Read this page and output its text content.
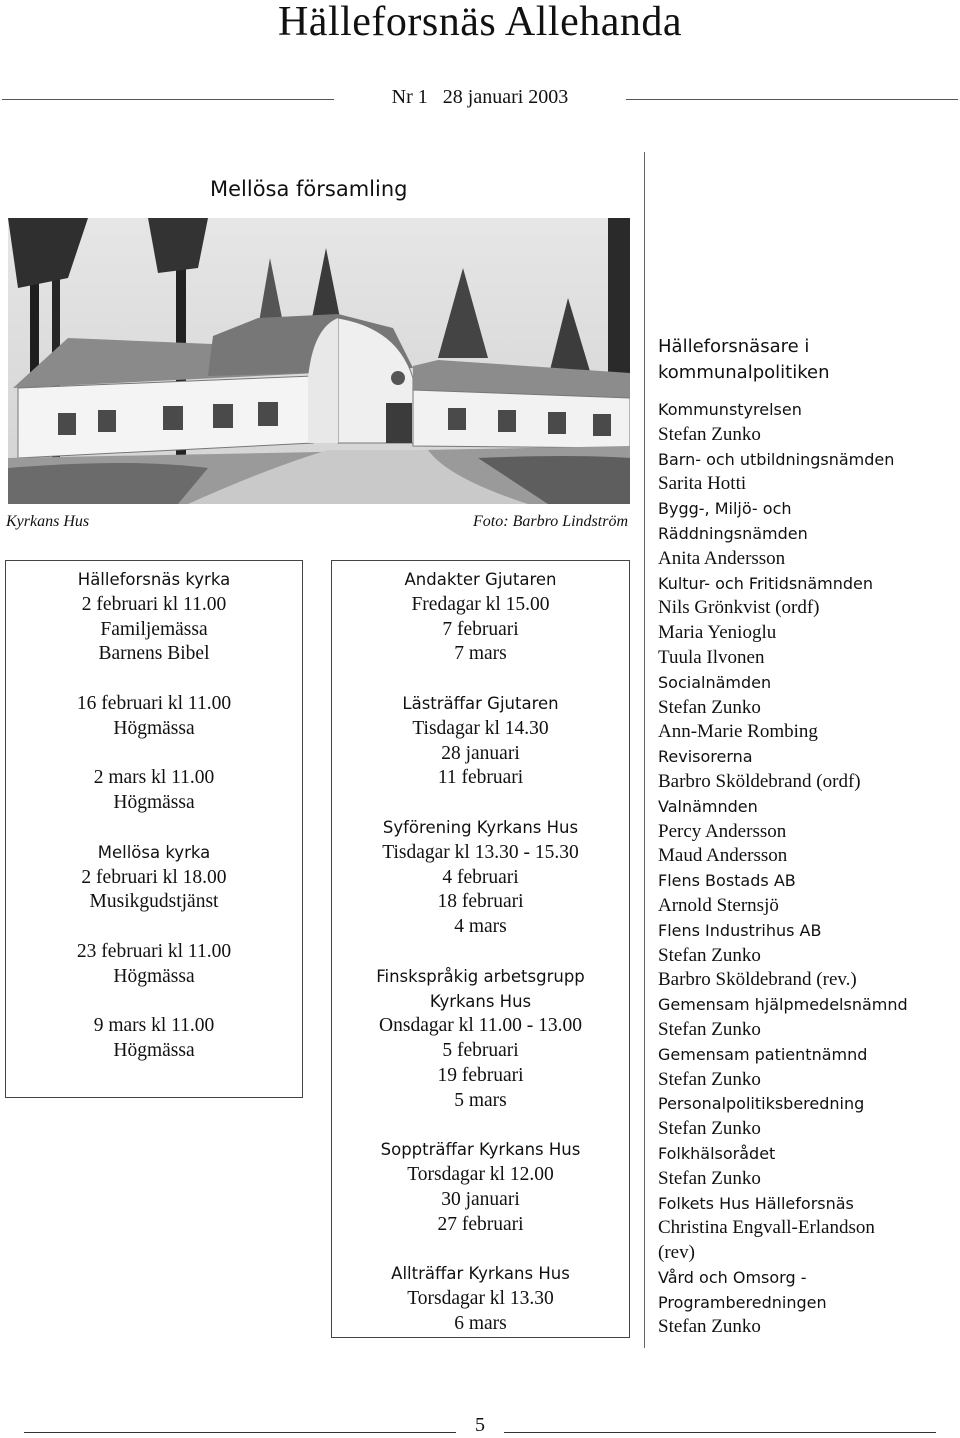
Hälleforsnäs Allehanda
Nr 1   28 januari 2003
Mellösa församling
Kyrkans Hus	Foto: Barbro Lindström
Hälleforsnäs kyrka
2 februari kl 11.00
Familjemässa
Barnens Bibel
16 februari kl 11.00
Högmässa
2 mars kl 11.00
Högmässa
Mellösa kyrka
2 februari kl 18.00
Musikgudstjänst
23 februari kl 11.00
Högmässa
9 mars kl 11.00
Högmässa
Andakter Gjutaren
Fredagar kl 15.00
7 februari
7 mars
Lästräffar Gjutaren
Tisdagar kl 14.30
28 januari
11 februari
Syförening Kyrkans Hus
Tisdagar kl 13.30 - 15.30
4 februari
18 februari
4 mars
Finskspråkig arbetsgrupp
Kyrkans Hus
Onsdagar kl 11.00 - 13.00
5 februari
19 februari
5 mars
Soppträffar Kyrkans Hus
Torsdagar kl 12.00
30 januari
27 februari
Allträffar Kyrkans Hus
Torsdagar kl 13.30
6 mars
Hälleforsnäsare i
kommunalpolitiken
Kommunstyrelsen
Stefan Zunko
Barn- och utbildningsnämden
Sarita Hotti
Bygg-, Miljö- och
Räddningsnämden
Anita Andersson
Kultur- och Fritidsnämnden
Nils Grönkvist (ordf)
Maria Yenioglu
Tuula Ilvonen
Socialnämden
Stefan Zunko
Ann-Marie Rombing
Revisorerna
Barbro Sköldebrand (ordf)
Valnämnden
Percy Andersson
Maud Andersson
Flens Bostads AB
Arnold Sternsjö
Flens Industrihus AB
Stefan Zunko
Barbro Sköldebrand (rev.)
Gemensam hjälpmedelsnämnd
Stefan Zunko
Gemensam patientnämnd
Stefan Zunko
Personalpolitiksberedning
Stefan Zunko
Folkhälsorådet
Stefan Zunko
Folkets Hus Hälleforsnäs
Christina Engvall-Erlandson
(rev)
Vård och Omsorg -
Programberedningen
Stefan Zunko
5
